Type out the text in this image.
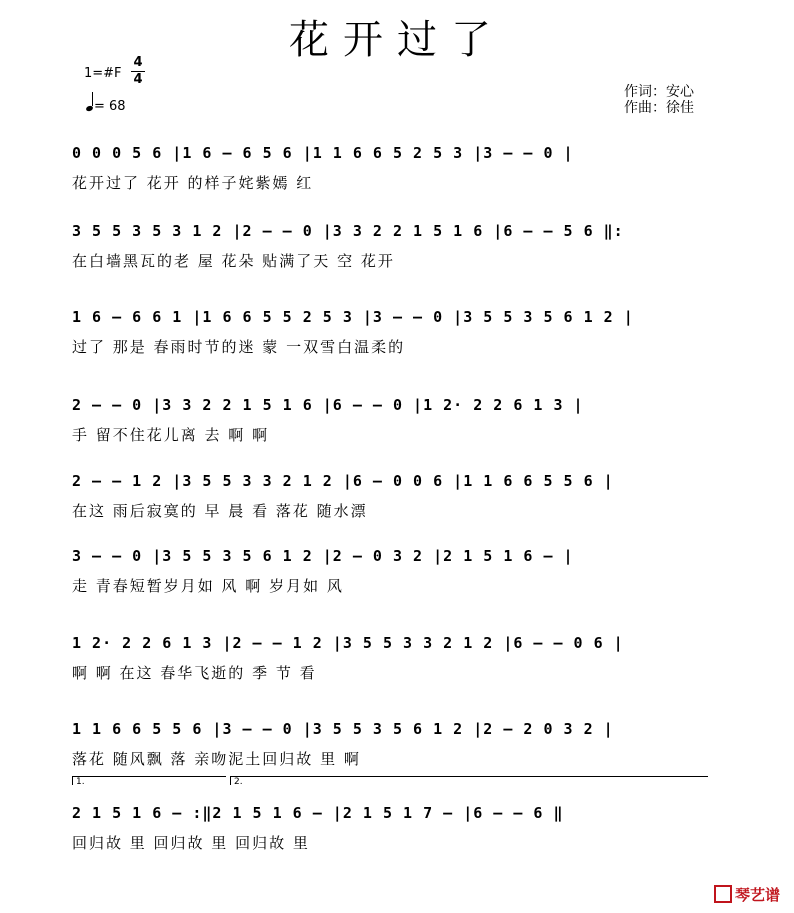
花开过了
1=#F
4
4
= 68
作词：安心
作曲：徐佳
0 0 0 5 6 |1 6 — 6 5 6 |1 1 6 6 5 2 5 3 |3 — — 0 |
花开过了 花开 的样子姹紫嫣 红
3 5 5 3 5 3 1 2 |2 — — 0 |3 3 2 2 1 5 1 6 |6 — — 5 6 ‖:
在白墙黑瓦的老 屋 花朵 贴满了天 空 花开
1 6 — 6 6 1 |1 6 6 5 5 2 5 3 |3 — — 0 |3 5 5 3 5 6 1 2 |
过了 那是 春雨时节的迷 蒙 一双雪白温柔的
2 — — 0 |3 3 2 2 1 5 1 6 |6 — — 0 |1 2· 2 2 6 1 3 |
手 留不住花儿离 去 啊 啊
2 — — 1 2 |3 5 5 3 3 2 1 2 |6 — 0 0 6 |1 1 6 6 5 5 6 |
在这 雨后寂寞的 早 晨 看 落花 随水漂
3 — — 0 |3 5 5 3 5 6 1 2 |2 — 0 3 2 |2 1 5 1 6 — |
走 青春短暂岁月如 风 啊 岁月如 风
1 2· 2 2 6 1 3 |2 — — 1 2 |3 5 5 3 3 2 1 2 |6 — — 0 6 |
啊 啊 在这 春华飞逝的 季 节 看
1 1 6 6 5 5 6 |3 — — 0 |3 5 5 3 5 6 1 2 |2 — 2 0 3 2 |
落花 随风飘 落 亲吻泥土回归故 里 啊
1.	2.
2 1 5 1 6 — :‖2 1 5 1 6 — |2 1 5 1 7 — |6 — — 6 ‖
回归故 里 回归故 里 回归故 里
琴艺谱
